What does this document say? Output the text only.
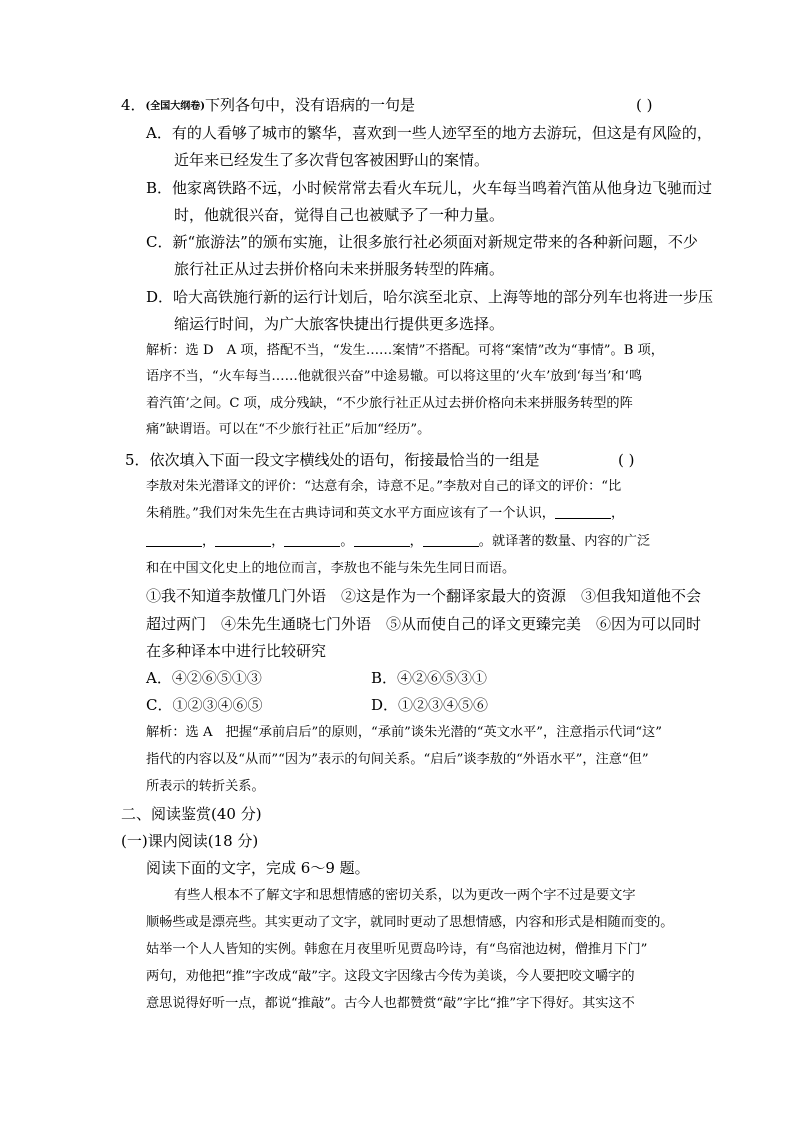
4．(全国大纲卷)下列各句中，没有语病的一句是	( )
A．有的人看够了城市的繁华，喜欢到一些人迹罕至的地方去游玩，但这是有风险的，
近年来已经发生了多次背包客被困野山的案情。
B．他家离铁路不远，小时候常常去看火车玩儿，火车每当鸣着汽笛从他身边飞驰而过
时，他就很兴奋，觉得自己也被赋予了一种力量。
C．新“旅游法”的颁布实施，让很多旅行社必须面对新规定带来的各种新问题，不少
旅行社正从过去拼价格向未来拼服务转型的阵痛。
D．哈大高铁施行新的运行计划后，哈尔滨至北京、上海等地的部分列车也将进一步压
缩运行时间，为广大旅客快捷出行提供更多选择。
解析：选 D　A 项，搭配不当，“发生……案情”不搭配。可将“案情”改为“事情”。B 项，
语序不当，“火车每当……他就很兴奋”中途易辙。可以将这里的‘火车’放到‘每当’和‘鸣
着汽笛’之间。C 项，成分残缺，“不少旅行社正从过去拼价格向未来拼服务转型的阵
痛”缺谓语。可以在“不少旅行社正”后加“经历”。
5．依次填入下面一段文字横线处的语句，衔接最恰当的一组是	( )
李敖对朱光潜译文的评价：“达意有余，诗意不足。”李敖对自己的译文的评价：“比
朱稍胜。”我们对朱先生在古典诗词和英文水平方面应该有了一个认识，	，
，	，	。	，	。就译著的数量、内容的广泛
和在中国文化史上的地位而言，李敖也不能与朱先生同日而语。
①我不知道李敖懂几门外语　②这是作为一个翻译家最大的资源　③但我知道他不会
超过两门　④朱先生通晓七门外语　⑤从而使自己的译文更臻完美　⑥因为可以同时
在多种译本中进行比较研究
A．④②⑥⑤①③	B．④②⑥⑤③①
C．①②③④⑥⑤	D．①②③④⑤⑥
解析：选 A　把握“承前启后”的原则，“承前”谈朱光潜的“英文水平”，注意指示代词“这”
指代的内容以及“从而”“因为”表示的句间关系。“启后”谈李敖的“外语水平”，注意“但”
所表示的转折关系。
二、阅读鉴赏(40 分)
(一)课内阅读(18 分)
阅读下面的文字，完成 6～9 题。
有些人根本不了解文字和思想情感的密切关系，以为更改一两个字不过是要文字
顺畅些或是漂亮些。其实更动了文字，就同时更动了思想情感，内容和形式是相随而变的。
姑举一个人人皆知的实例。韩愈在月夜里听见贾岛吟诗，有“鸟宿池边树，僧推月下门”
两句，劝他把“推”字改成“敲”字。这段文字因缘古今传为美谈，今人要把咬文嚼字的
意思说得好听一点，都说“推敲”。古今人也都赞赏“敲”字比“推”字下得好。其实这不
